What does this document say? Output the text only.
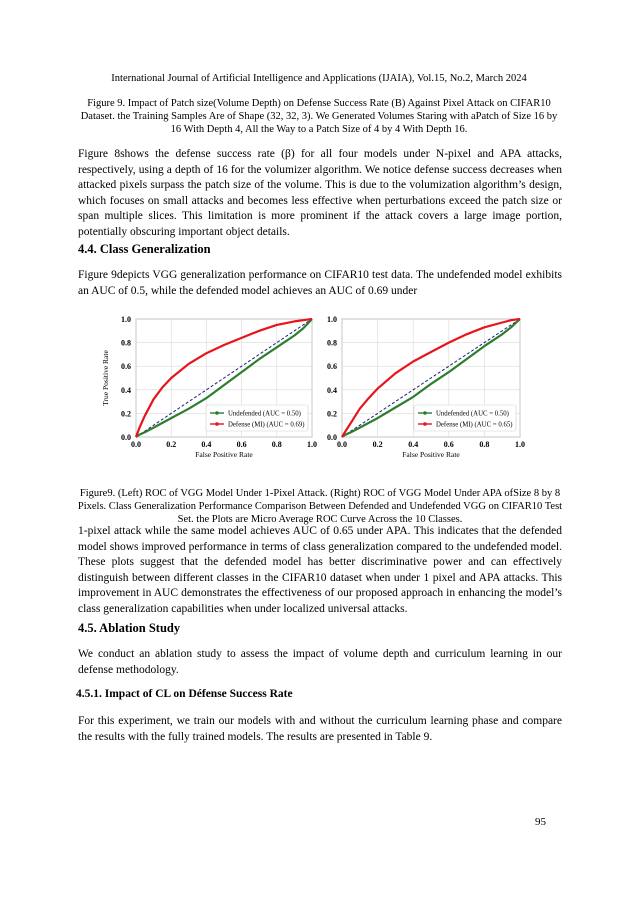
International Journal of Artificial Intelligence and Applications (IJAIA), Vol.15, No.2, March 2024
Figure 9. Impact of Patch size(Volume Depth) on Defense Success Rate (B) Against Pixel Attack on CIFAR10 Dataset. the Training Samples Are of Shape (32, 32, 3). We Generated Volumes Staring with aPatch of Size 16 by 16 With Depth 4, All the Way to a Patch Size of 4 by 4 With Depth 16.
Figure 8shows the defense success rate (β) for all four models under N-pixel and APA attacks, respectively, using a depth of 16 for the volumizer algorithm. We notice defense success decreases when attacked pixels surpass the patch size of the volume. This is due to the volumization algorithm’s design, which focuses on small attacks and becomes less effective when perturbations exceed the patch size or span multiple slices. This limitation is more prominent if the attack covers a large image portion, potentially obscuring important object details.
4.4. Class Generalization
Figure 9depicts VGG generalization performance on CIFAR10 test data. The undefended model exhibits an AUC of 0.5, while the defended model achieves an AUC of 0.69 under
0.0	0.2	0.4	0.6	0.8	1.0
0.0
0.2
0.4
0.6
0.8
1.0
False Positive Rate
True Positive Rate
Undefended (AUC = 0.50)
Defense (MI) (AUC = 0.69)
0.0	0.2	0.4	0.6	0.8	1.0
0.0
0.2
0.4
0.6
0.8
1.0
False Positive Rate
Undefended (AUC = 0.50)
Defense (MI) (AUC = 0.65)
Figure9. (Left) ROC of VGG Model Under 1-Pixel Attack. (Right) ROC of VGG Model Under APA ofSize 8 by 8 Pixels. Class Generalization Performance Comparison Between Defended and Undefended VGG on CIFAR10 Test Set. the Plots are Micro Average ROC Curve Across the 10 Classes.
1-pixel attack while the same model achieves AUC of 0.65 under APA. This indicates that the defended model shows improved performance in terms of class generalization compared to the undefended model. These plots suggest that the defended model has better discriminative power and can effectively distinguish between different classes in the CIFAR10 dataset when under 1 pixel and APA attacks. This improvement in AUC demonstrates the effectiveness of our proposed approach in enhancing the model’s class generalization capabilities when under localized universal attacks.
4.5. Ablation Study
We conduct an ablation study to assess the impact of volume depth and curriculum learning in our defense methodology.
4.5.1. Impact of CL on Défense Success Rate
For this experiment, we train our models with and without the curriculum learning phase and compare the results with the fully trained models. The results are presented in Table 9.
95
